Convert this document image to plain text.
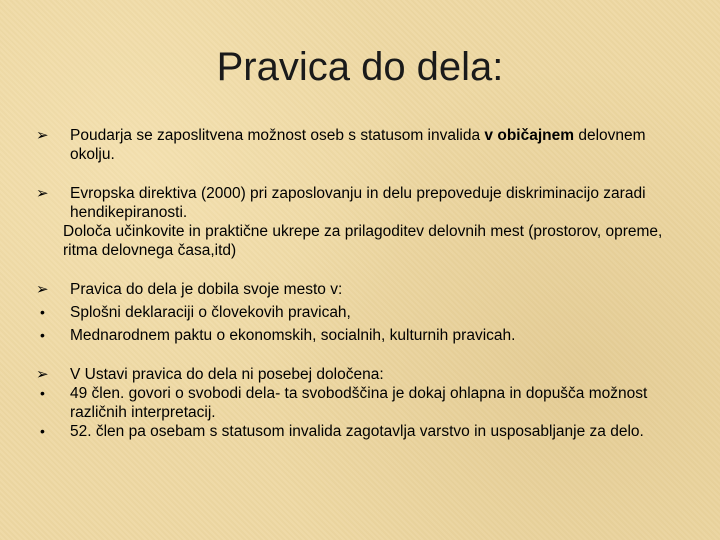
Pravica do dela:
➢	Poudarja se zaposlitvena možnost oseb s statusom invalida v običajnem delovnem okolju.
➢	Evropska direktiva (2000) pri zaposlovanju in delu prepoveduje diskriminacijo zaradi hendikepiranosti.
Določa učinkovite in praktične ukrepe za prilagoditev delovnih mest (prostorov, opreme, ritma delovnega časa,itd)
➢	Pravica do dela je dobila svoje mesto v:
•	Splošni deklaraciji o človekovih pravicah,
•	Mednarodnem paktu o ekonomskih, socialnih, kulturnih pravicah.
➢	V Ustavi pravica do dela ni posebej določena:
•	49 člen. govori o svobodi dela- ta svobodščina je dokaj ohlapna in dopušča možnost različnih interpretacij.
•	52. člen pa osebam s statusom invalida zagotavlja varstvo in usposabljanje za delo.
